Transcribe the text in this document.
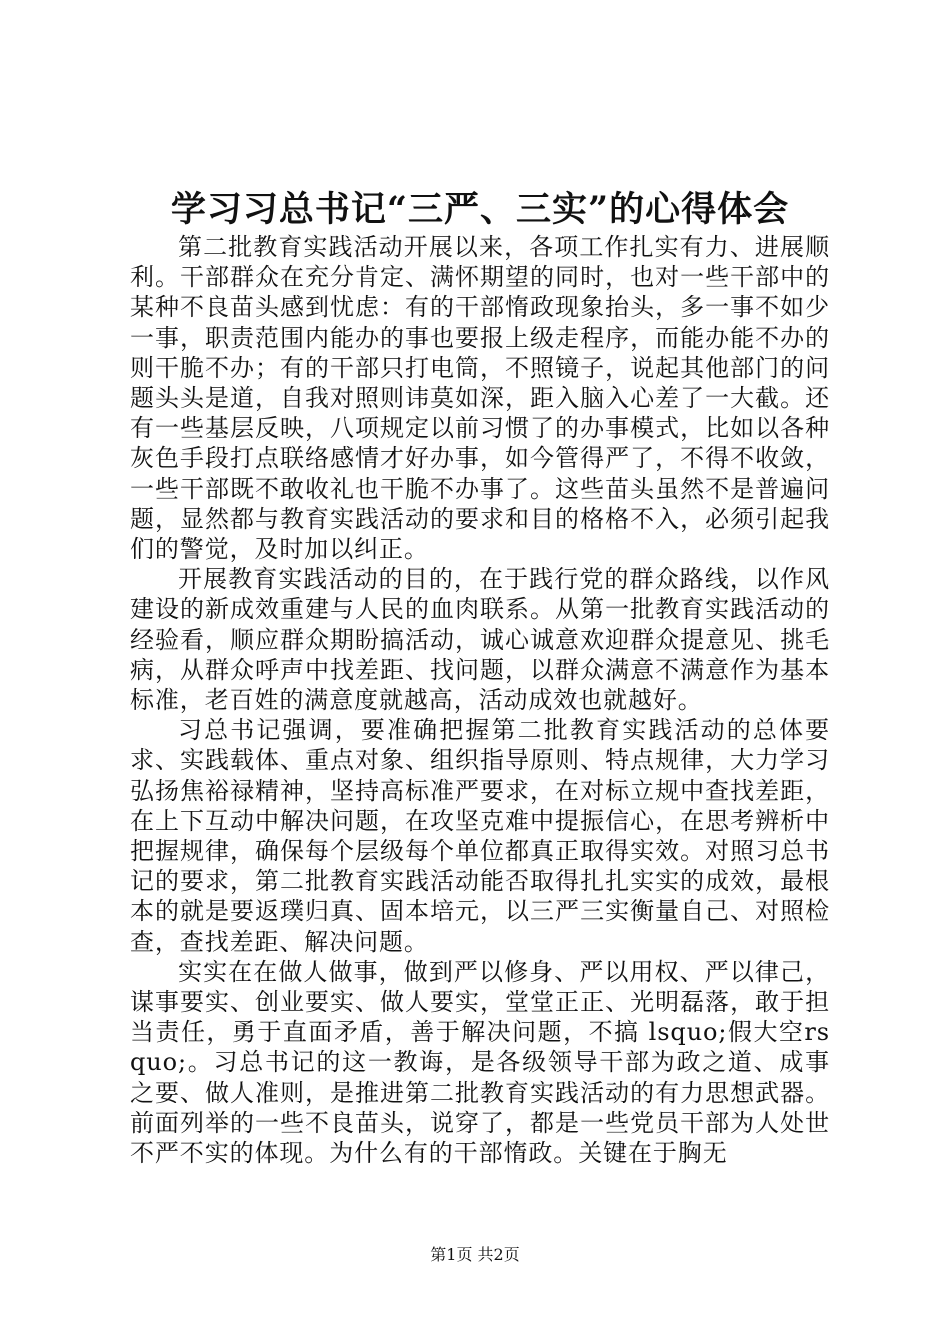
学习习总书记“三严、三实”的心得体会

第二批教育实践活动开展以来，各项工作扎实有力、进展顺利。干部群众在充分肯定、满怀期望的同时，也对一些干部中的某种不良苗头感到忧虑：有的干部惰政现象抬头，多一事不如少一事，职责范围内能办的事也要报上级走程序，而能办能不办的则干脆不办；有的干部只打电筒，不照镜子，说起其他部门的问题头头是道，自我对照则讳莫如深，距入脑入心差了一大截。还有一些基层反映，八项规定以前习惯了的办事模式，比如以各种灰色手段打点联络感情才好办事，如今管得严了，不得不收敛，一些干部既不敢收礼也干脆不办事了。这些苗头虽然不是普遍问题，显然都与教育实践活动的要求和目的格格不入，必须引起我们的警觉，及时加以纠正。

开展教育实践活动的目的，在于践行党的群众路线，以作风建设的新成效重建与人民的血肉联系。从第一批教育实践活动的经验看，顺应群众期盼搞活动，诚心诚意欢迎群众提意见、挑毛病，从群众呼声中找差距、找问题，以群众满意不满意作为基本标准，老百姓的满意度就越高，活动成效也就越好。

习总书记强调，要准确把握第二批教育实践活动的总体要求、实践载体、重点对象、组织指导原则、特点规律，大力学习弘扬焦裕禄精神，坚持高标准严要求，在对标立规中查找差距，在上下互动中解决问题，在攻坚克难中提振信心，在思考辨析中把握规律，确保每个层级每个单位都真正取得实效。对照习总书记的要求，第二批教育实践活动能否取得扎扎实实的成效，最根本的就是要返璞归真、固本培元，以三严三实衡量自己、对照检查，查找差距、解决问题。

实实在在做人做事，做到严以修身、严以用权、严以律己，谋事要实、创业要实、做人要实，堂堂正正、光明磊落，敢于担当责任，勇于直面矛盾，善于解决问题，不搞 lsquo;假大空rsquo;。习总书记的这一教诲，是各级领导干部为政之道、成事之要、做人准则，是推进第二批教育实践活动的有力思想武器。前面列举的一些不良苗头，说穿了，都是一些党员干部为人处世不严不实的体现。为什么有的干部惰政。关键在于胸无

第1页 共2页
